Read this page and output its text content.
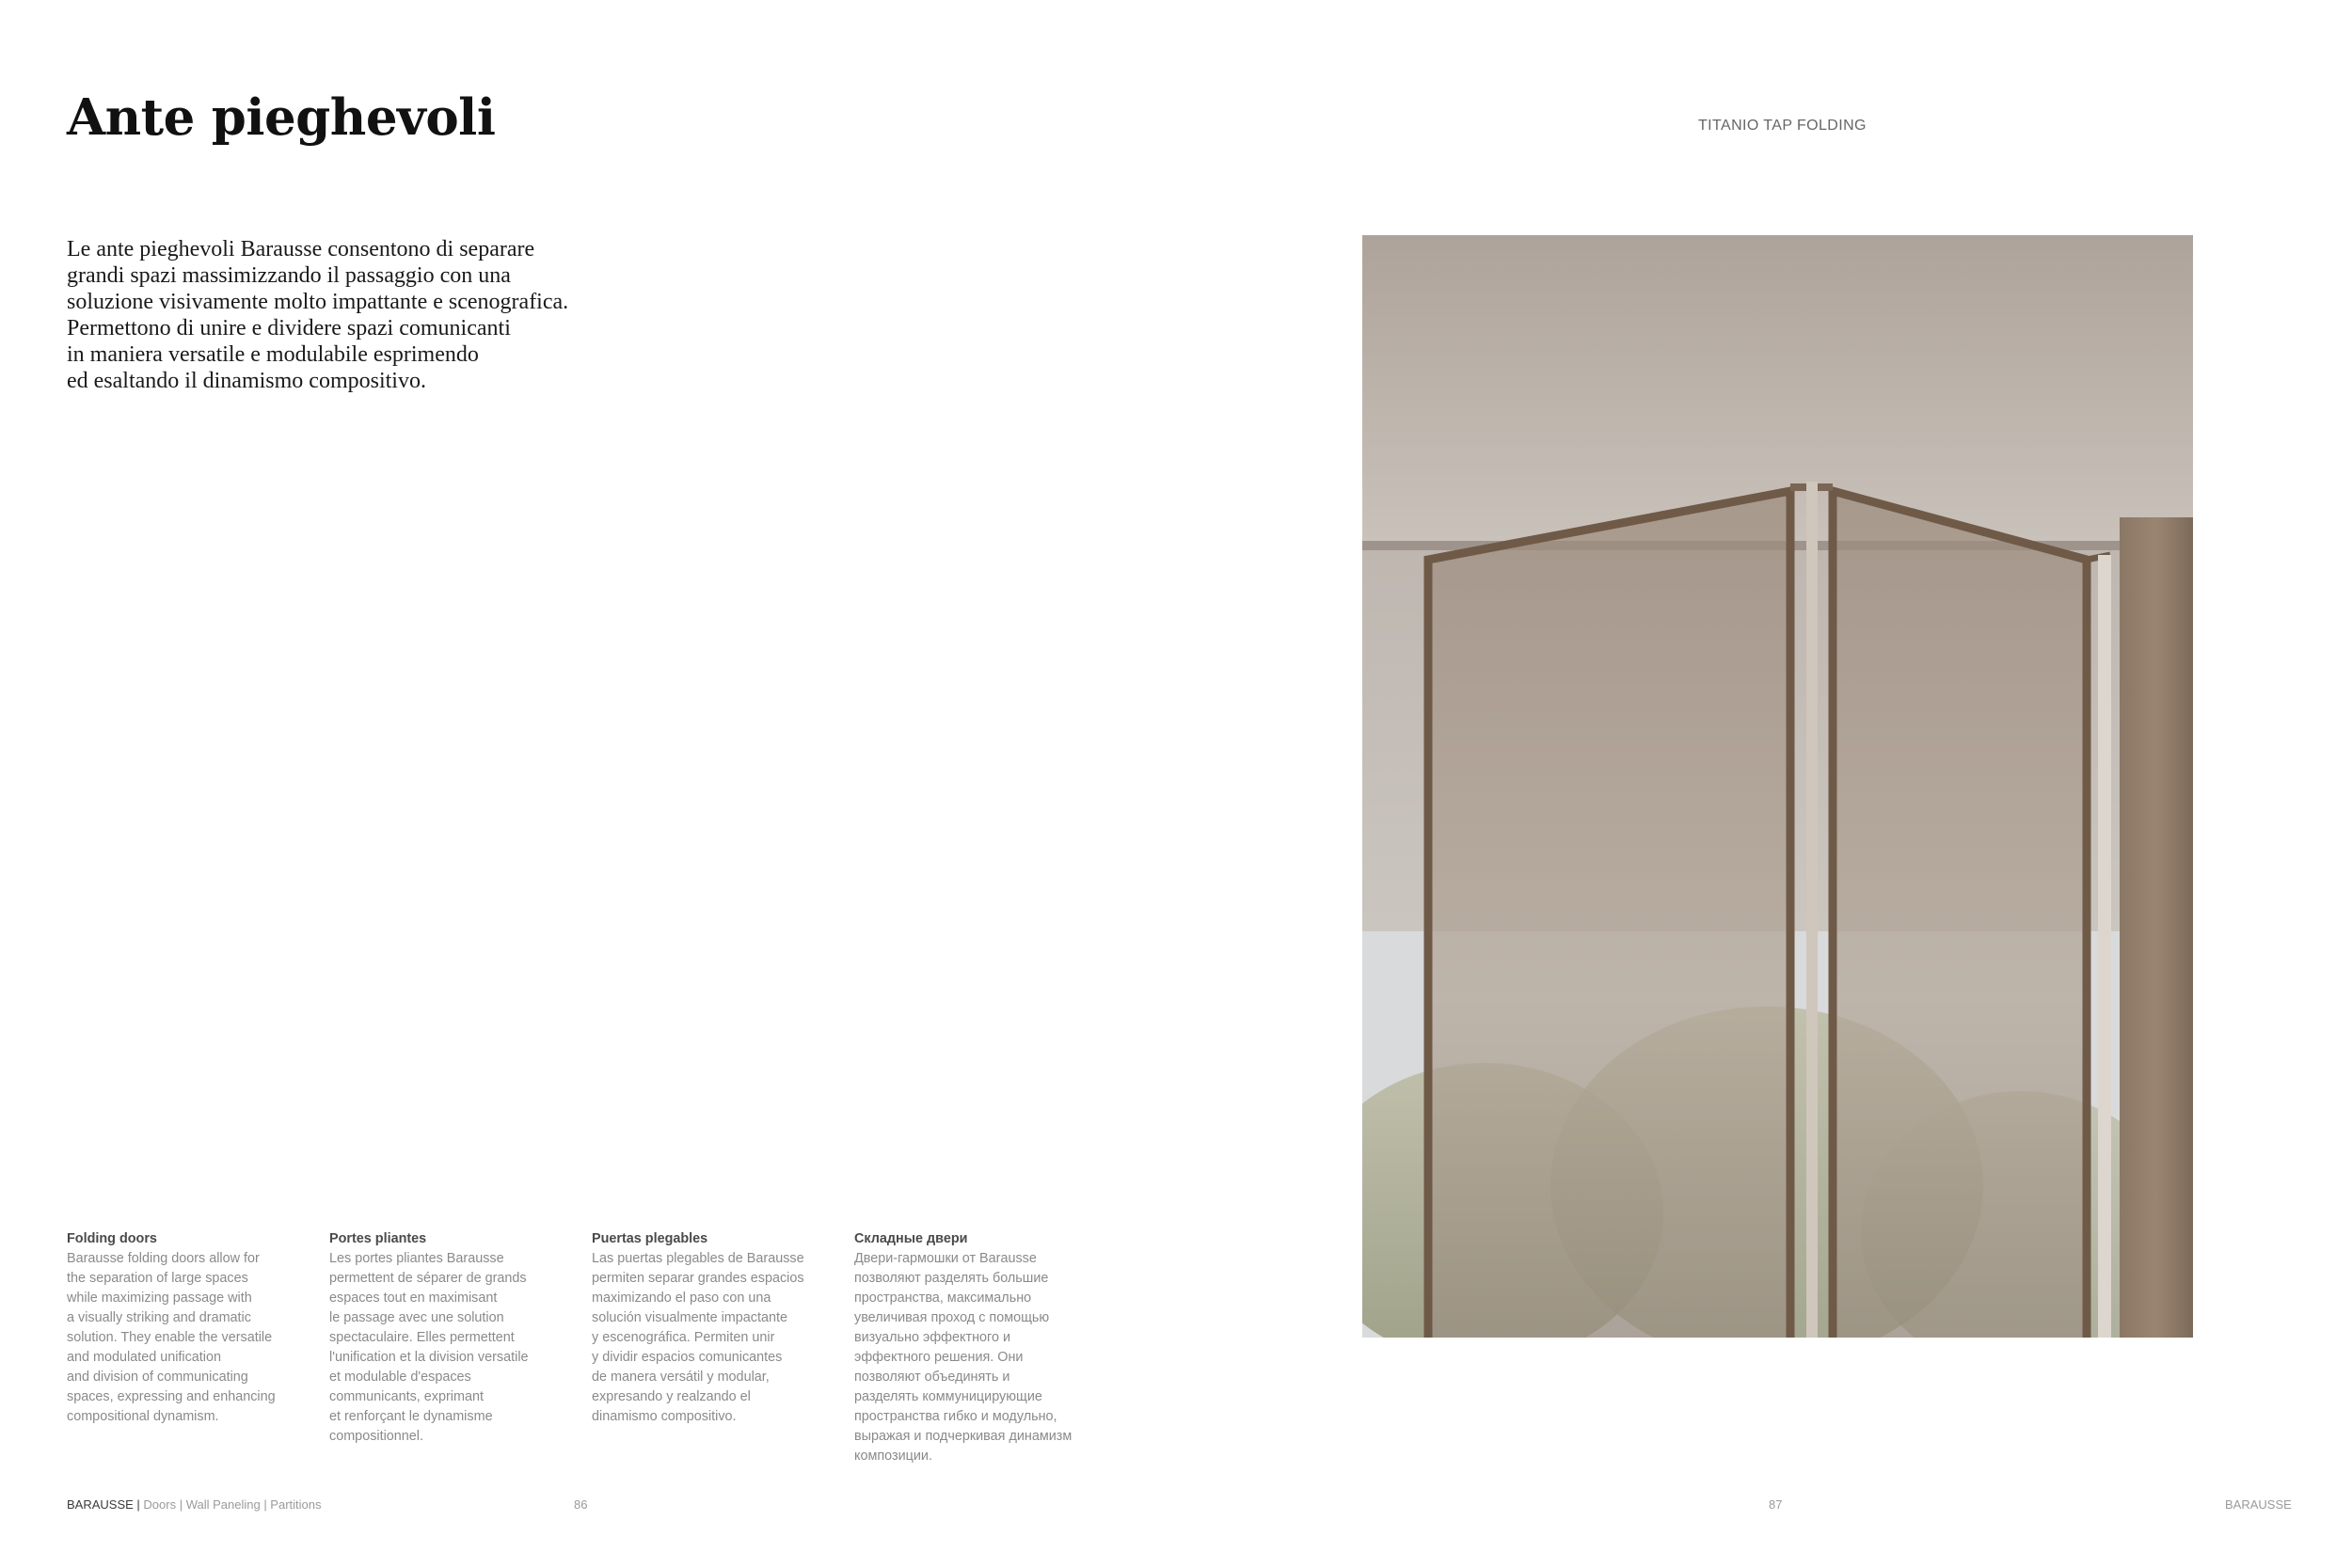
Ante pieghevoli	TITANIO TAP FOLDING
Le ante pieghevoli Barausse consentono di separare
grandi spazi massimizzando il passaggio con una
soluzione visivamente molto impattante e scenografica.
Permettono di unire e dividere spazi comunicanti
in maniera versatile e modulabile esprimendo
ed esaltando il dinamismo compositivo.
Folding doors
Barausse folding doors allow for
the separation of large spaces
while maximizing passage with
a visually striking and dramatic
solution. They enable the versatile
and modulated unification
and division of communicating
spaces, expressing and enhancing
compositional dynamism.
Portes pliantes
Les portes pliantes Barausse
permettent de séparer de grands
espaces tout en maximisant
le passage avec une solution
spectaculaire. Elles permettent
l'unification et la division versatile
et modulable d'espaces
communicants, exprimant
et renforçant le dynamisme
compositionnel.
Puertas plegables
Las puertas plegables de Barausse
permiten separar grandes espacios
maximizando el paso con una
solución visualmente impactante
y escenográfica. Permiten unir
y dividir espacios comunicantes
de manera versátil y modular,
expresando y realzando el
dinamismo compositivo.
Складные двери
Двери-гармошки от Barausse
позволяют разделять большие
пространства, максимально
увеличивая проход с помощью
визуально эффектного и
эффектного решения. Они
позволяют объединять и
разделять коммуницирующие
пространства гибко и модульно,
выражая и подчеркивая динамизм
композиции.
BARAUSSE | Doors | Wall Paneling | Partitions	86	87	BARAUSSE
